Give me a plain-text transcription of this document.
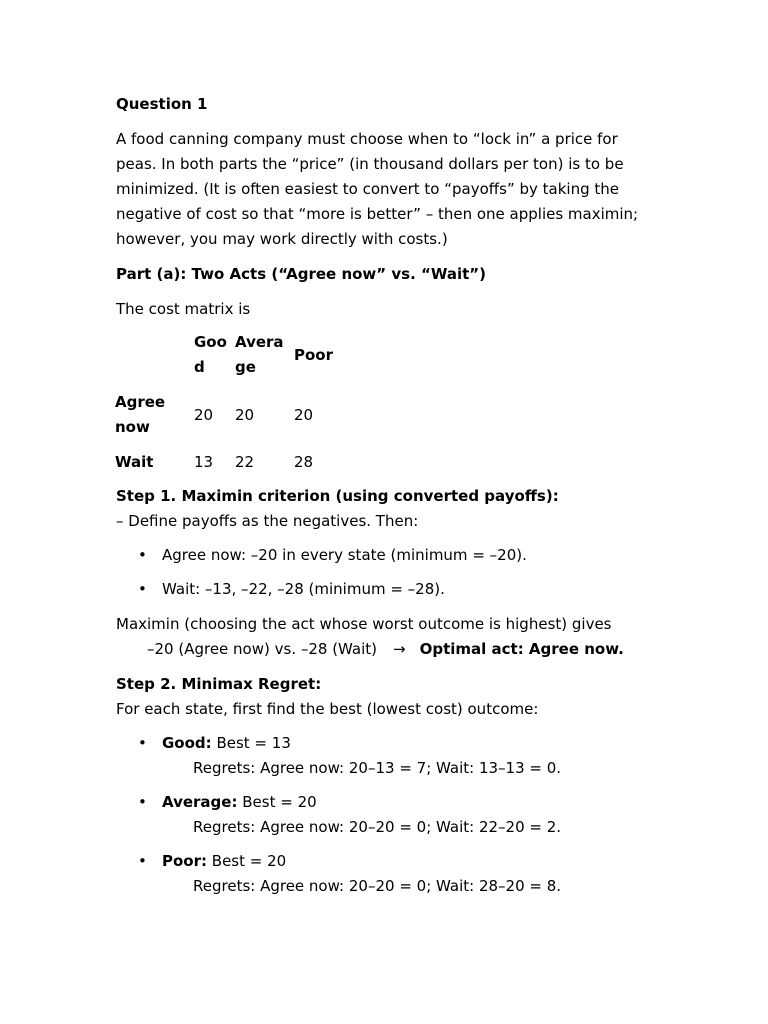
Question 1

A food canning company must choose when to “lock in” a price for peas. In both parts the “price” (in thousand dollars per ton) is to be minimized. (It is often easiest to convert to “payoffs” by taking the negative of cost so that “more is better” – then one applies maximin; however, you may work directly with costs.)

Part (a): Two Acts (“Agree now” vs. “Wait”)

The cost matrix is

	Good	Average	Poor
Agree now	20	20	20
Wait	13	22	28

Step 1. Maximin criterion (using converted payoffs):

– Define payoffs as the negatives. Then:

• Agree now: –20 in every state (minimum = –20).
• Wait: –13, –22, –28 (minimum = –28).

Maximin (choosing the act whose worst outcome is highest) gives

–20 (Agree now) vs. –28 (Wait) → Optimal act: Agree now.

Step 2. Minimax Regret:

For each state, first find the best (lowest cost) outcome:

• Good: Best = 13
Regrets: Agree now: 20–13 = 7; Wait: 13–13 = 0.
• Average: Best = 20
Regrets: Agree now: 20–20 = 0; Wait: 22–20 = 2.
• Poor: Best = 20
Regrets: Agree now: 20–20 = 0; Wait: 28–20 = 8.
